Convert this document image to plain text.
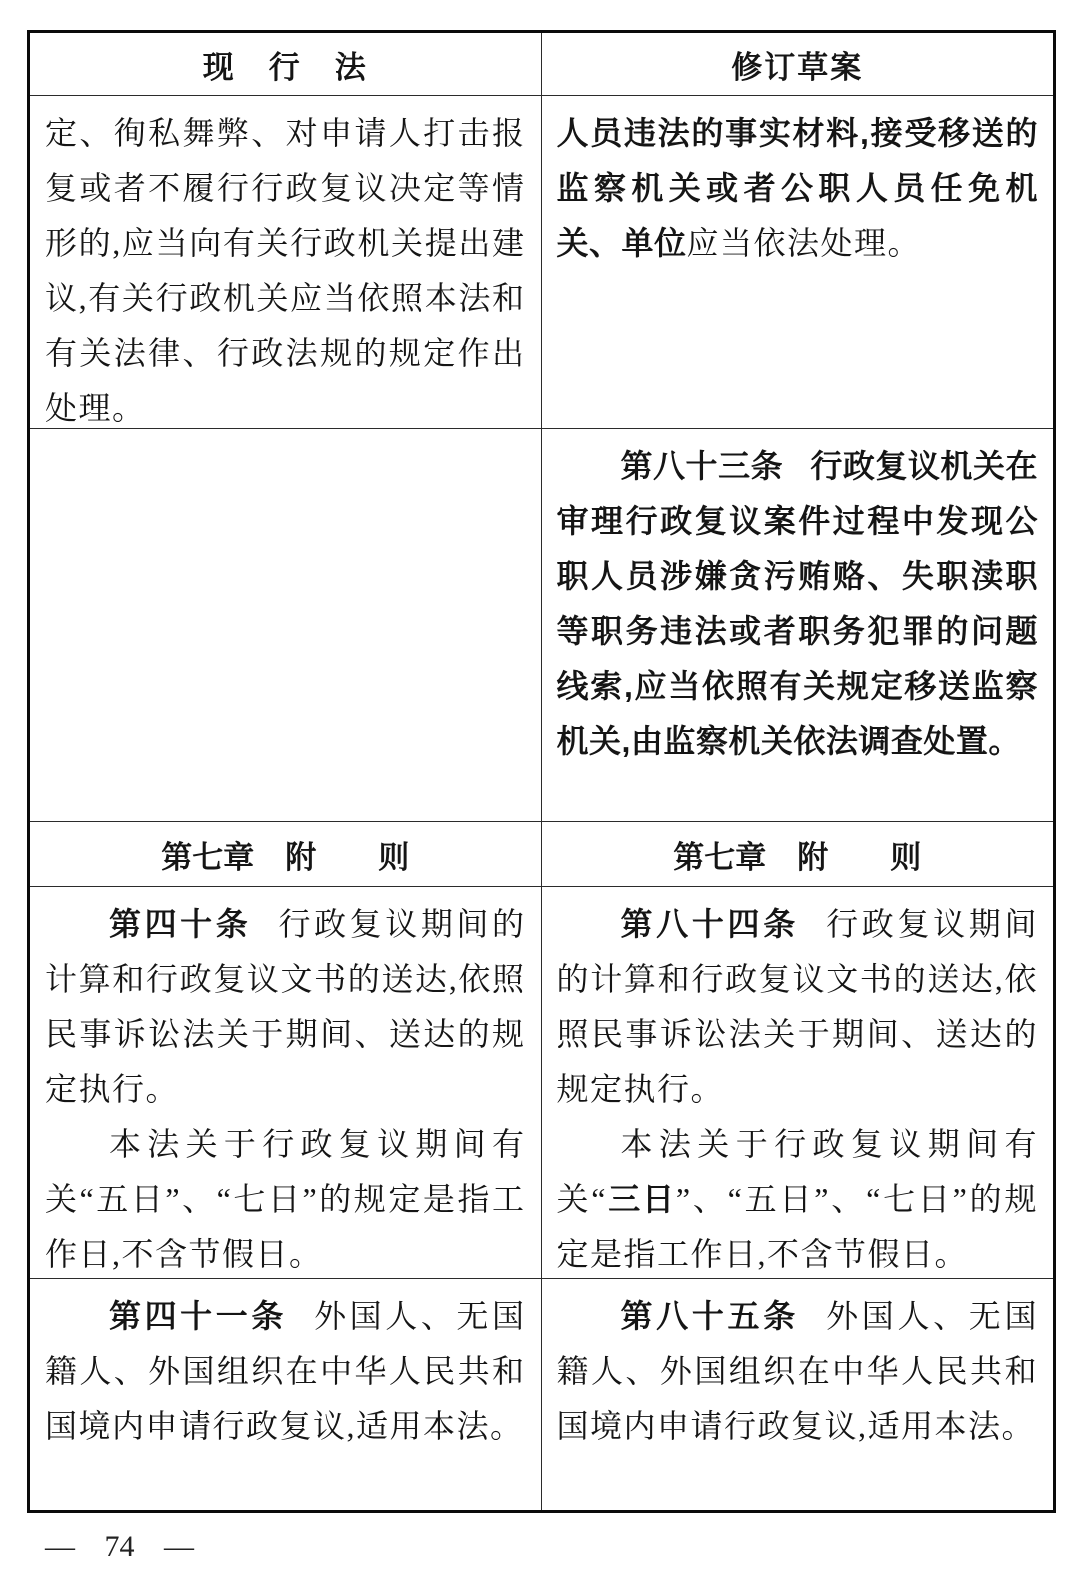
现　行　法	修订草案

定、徇私舞弊、对申请人打击报复或者不履行行政复议决定等情形的,应当向有关行政机关提出建议,有关行政机关应当依照本法和有关法律、行政法规的规定作出处理。

人员违法的事实材料,接受移送的监察机关或者公职人员任免机关、单位应当依法处理。

第八十三条 行政复议机关在审理行政复议案件过程中发现公职人员涉嫌贪污贿赂、失职渎职等职务违法或者职务犯罪的问题线索,应当依照有关规定移送监察机关,由监察机关依法调查处置。

第七章　附　　则	第七章　附　　则

第四十条 行政复议期间的计算和行政复议文书的送达,依照民事诉讼法关于期间、送达的规定执行。

本法关于行政复议期间有关“五日”、“七日”的规定是指工作日,不含节假日。

第八十四条 行政复议期间的计算和行政复议文书的送达,依照民事诉讼法关于期间、送达的规定执行。

本法关于行政复议期间有关“三日”、“五日”、“七日”的规定是指工作日,不含节假日。

第四十一条 外国人、无国籍人、外国组织在中华人民共和国境内申请行政复议,适用本法。

第八十五条 外国人、无国籍人、外国组织在中华人民共和国境内申请行政复议,适用本法。

— 74 —
